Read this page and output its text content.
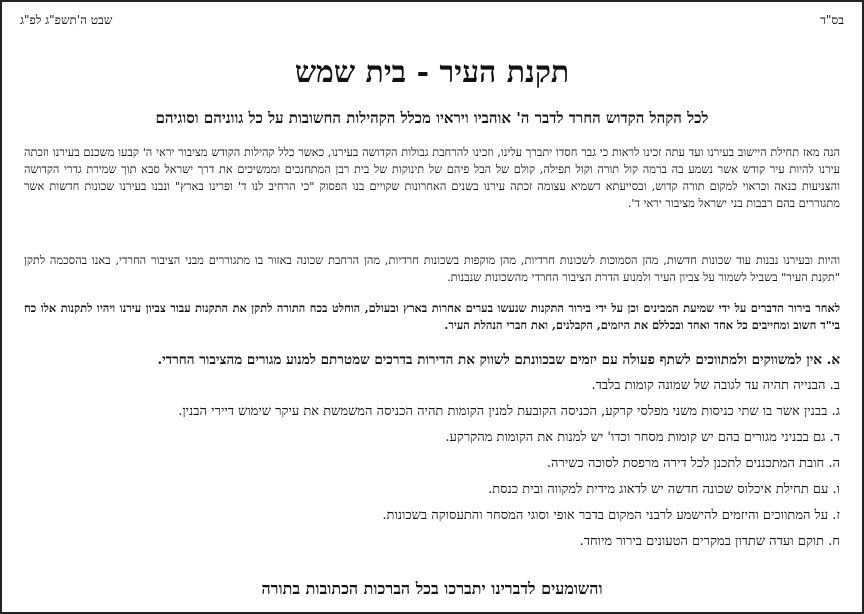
בס"ד
שבט ה'תשפ"ג לפ"ג
תקנת העיר - בית שמש
לכל הקהל הקדוש החרד לדבר ה' אוהביו ויראיו מכלל הקהילות החשובות על כל גווניהם וסוגיהם

הנה מאז תחילת היישוב בעירנו ועד עתה זכינו לראות כי גבר חסדו יתברך עלינו, וזכינו להרחבת גבולות הקדושה בעירנו, כאשר כלל קהילות הקודש מציבור יראי ה' קבעו משכנם בעירנו וזכתה עירנו להיות עיר קודש אשר נשמע בה ברמה קול תורה וקול תפילה, קולם של הבל פיהם של תינוקות של בית רבן המתחנכים וממשיכים את דרך ישראל סבא תוך שמירת גדרי הקדושה והצניעות כנאה וכראוי למקום תורה קדוש, ובסייעתא דשמיא עצומה זכתה עירנו בשנים האחרונות שקויים בנו הפסוק "כי הרחיב לנו ד' ופרינו בארץ" ונבנו בעירנו שכונות חדשות אשר מתגוררים בהם רבבות בני ישראל מציבור יראי ד'.

והיות ובעירנו נבנות עוד שכונות חדשות, מהן הסמוכות לשכונות חרדיות, מהן מוקפות בשכונות חרדיות, מהן הרחבת שכונה באזור בו מתגוררים מבני הציבור החרדי, באנו בהסכמה לתקן "תקנת העיר" בשביל לשמור על צביון העיר ולמנוע הדרת הציבור החרדי מהשכונות שנבנות.

לאחר בירור הדברים על ידי שמיעת המבינים וכן על ידי בירור התקנות שנעשו בערים אחרות בארץ ובעולם, הוחלט בכח התורה לתקן את התקנות עבור צביון עירנו ויהיו לתקנות אלו כח בי"ד חשוב ומחייבים כל אחד ואחד ובכללם את היזמים, הקבלנים, ואת חברי הנהלת העיר.

א. אין למשווקים ולמתווכים לשתף פעולה עם יזמים שבכוונתם לשווק את הדירות בדרכים שמטרתם למנוע מגורים מהציבור החרדי.
ב. הבנייה תהיה עד לגובה של שמונה קומות בלבד.
ג. בבנין אשר בו שתי כניסות משני מפלסי קרקע, הכניסה הקובעת למנין הקומות תהיה הכניסה המשמשת את עיקר שימוש דיירי הבנין.
ד. גם בבניני מגורים בהם יש קומות מסחר וכדו' יש למנות את הקומות מהקרקע.
ה. חובת המתכננים לתכנן לכל דירה מרפסת לסוכה כשירה.
ו. עם תחילת איכלוס שכונה חדשה יש לדאוג מידית למקווה ובית כנסת.
ז. על המתווכים והיזמים להישמע לרבני המקום בדבר אופי וסוגי המסחר והתעסוקה בשכונות.
ח. תוקם ועדה שתדון במקרים הטעונים בירור מיוחד.

והשומעים לדברינו יתברכו בכל הברכות הכתובות בתורה
